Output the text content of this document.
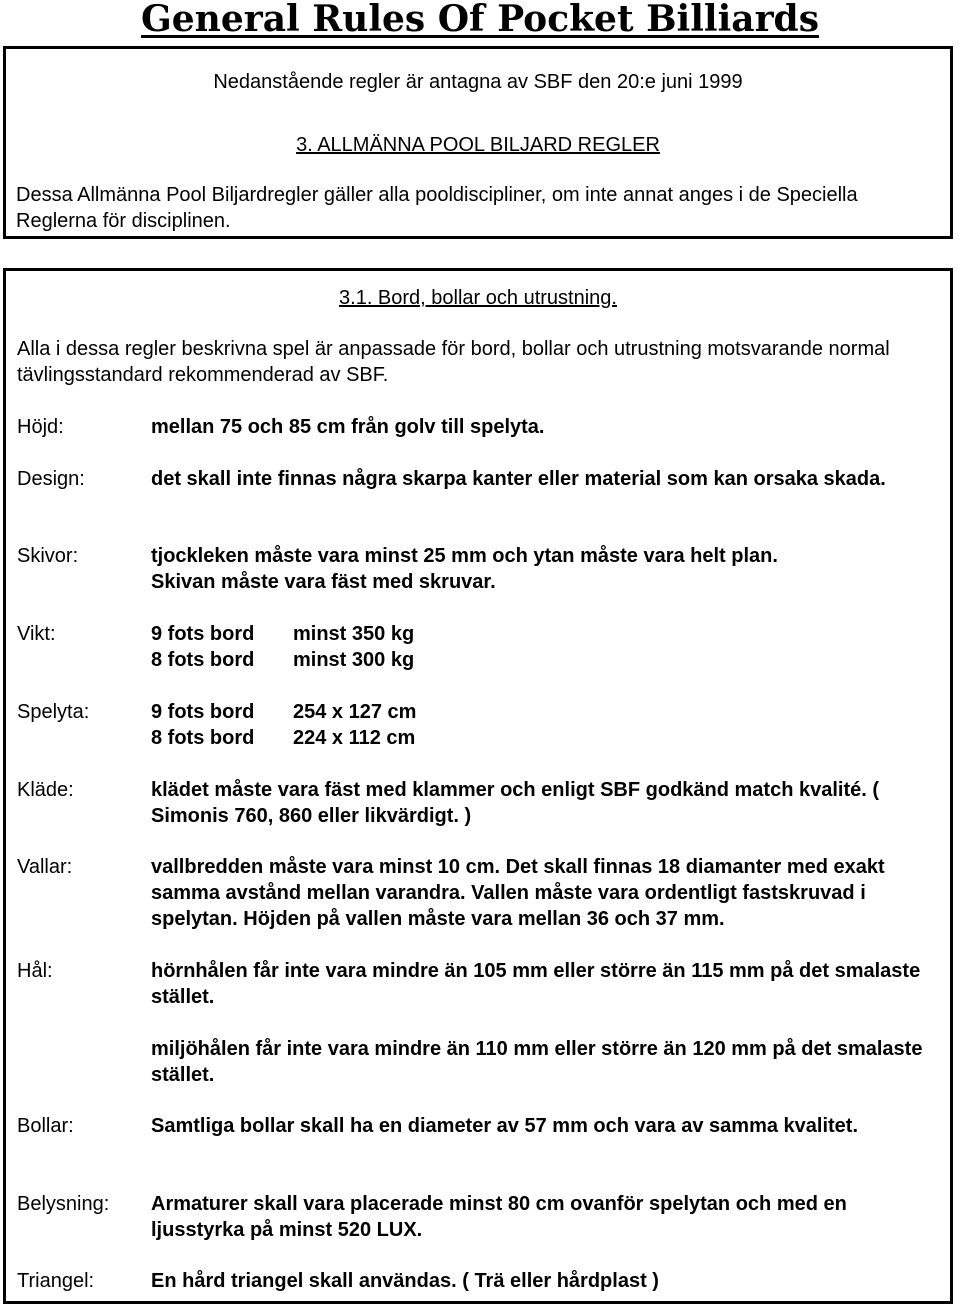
General Rules Of Pocket Billiards
Nedanstående regler är antagna av SBF den 20:e juni 1999
3. ALLMÄNNA POOL BILJARD REGLER
Dessa Allmänna Pool Biljardregler gäller alla pooldiscipliner, om inte annat anges i de Speciella Reglerna för disciplinen.
3.1. Bord, bollar och utrustning.
Alla i dessa regler beskrivna spel är anpassade för bord, bollar och utrustning motsvarande normal tävlingsstandard rekommenderad av SBF.
Höjd:	mellan 75 och 85 cm från golv till spelyta.
Design:	det skall inte finnas några skarpa kanter eller material som kan orsaka skada.
Skivor:	tjockleken måste vara minst 25 mm och ytan måste vara helt plan.
Skivan måste vara fäst med skruvar.
Vikt:	9 fots bord minst 350 kg
8 fots bord minst 300 kg
Spelyta:	9 fots bord 254 x 127 cm
8 fots bord 224 x 112 cm
Kläde:	klädet måste vara fäst med klammer och enligt SBF godkänd match kvalité. ( Simonis 760, 860 eller likvärdigt. )
Vallar:	vallbredden måste vara minst 10 cm. Det skall finnas 18 diamanter med exakt samma avstånd mellan varandra. Vallen måste vara ordentligt fastskruvad i spelytan. Höjden på vallen måste vara mellan 36 och 37 mm.
Hål:	hörnhålen får inte vara mindre än 105 mm eller större än 115 mm på det smalaste stället.
miljöhålen får inte vara mindre än 110 mm eller större än 120 mm på det smalaste stället.
Bollar:	Samtliga bollar skall ha en diameter av 57 mm och vara av samma kvalitet.
Belysning: Armaturer skall vara placerade minst 80 cm ovanför spelytan och med en ljusstyrka på minst 520 LUX.
Triangel:	En hård triangel skall användas. ( Trä eller hårdplast )
